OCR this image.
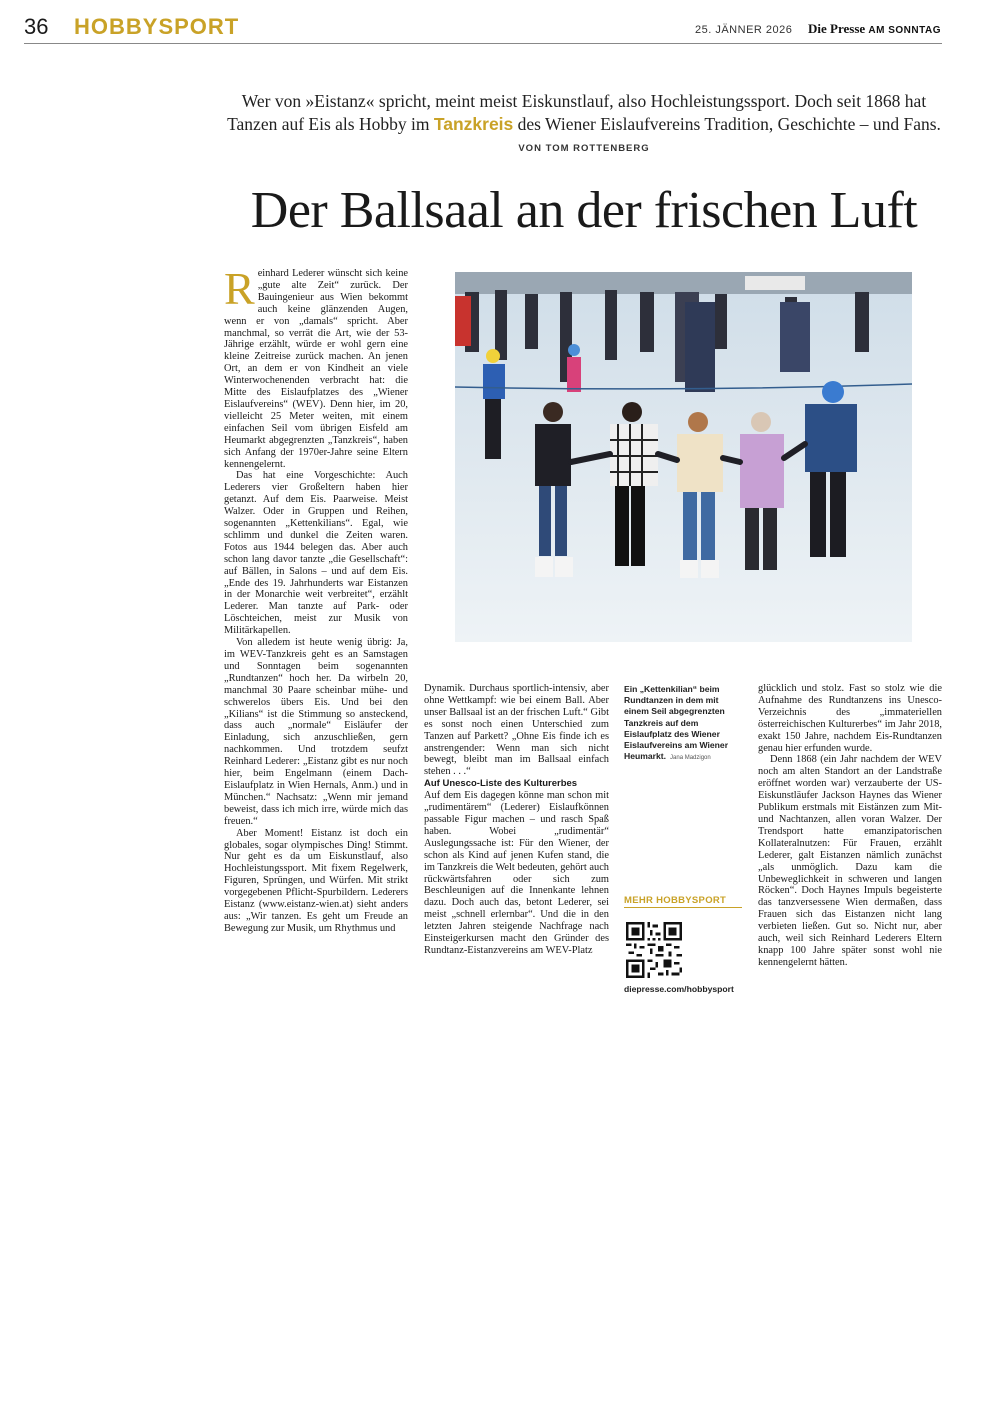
36 HOBBYSPORT	25. JÄNNER 2026 Die Presse AM SONNTAG
Wer von »Eistanz« spricht, meint meist Eiskunstlauf, also Hochleistungssport. Doch seit 1868 hat Tanzen auf Eis als Hobby im Tanzkreis des Wiener Eislaufvereins Tradition, Geschichte – und Fans.
VON TOM ROTTENBERG
Der Ballsaal an der frischen Luft
R einhard Lederer wünscht sich keine „gute alte Zeit“ zurück. Der Bauingenieur aus Wien bekommt auch keine glänzenden Augen, wenn er von „damals“ spricht. Aber manchmal, so verrät die Art, wie der 53-Jährige erzählt, würde er wohl gern eine kleine Zeitreise zurück machen. An jenen Ort, an dem er von Kindheit an viele Winterwochenenden verbracht hat: die Mitte des Eislaufplatzes des „Wiener Eislaufvereins“ (WEV). Denn hier, im 20, vielleicht 25 Meter weiten, mit einem einfachen Seil vom übrigen Eisfeld am Heumarkt abgegrenzten „Tanzkreis“, haben sich Anfang der 1970er-Jahre seine Eltern kennengelernt.

Das hat eine Vorgeschichte: Auch Lederers vier Großeltern haben hier getanzt. Auf dem Eis. Paarweise. Meist Walzer. Oder in Gruppen und Reihen, sogenannten „Kettenkilians“. Egal, wie schlimm und dunkel die Zeiten waren. Fotos aus 1944 belegen das. Aber auch schon lang davor tanzte „die Gesellschaft“: auf Bällen, in Salons – und auf dem Eis. „Ende des 19. Jahrhunderts war Eistanzen in der Monarchie weit verbreitet“, erzählt Lederer. Man tanzte auf Park- oder Löschteichen, meist zur Musik von Militärkapellen.

Von alledem ist heute wenig übrig: Ja, im WEV-Tanzkreis geht es an Samstagen und Sonntagen beim sogenannten „Rundtanzen“ hoch her. Da wirbeln 20, manchmal 30 Paare scheinbar mühe- und schwerelos übers Eis. Und bei den „Kilians“ ist die Stimmung so ansteckend, dass auch „normale“ Eisläufer der Einladung, sich anzuschließen, gern nachkommen. Und trotzdem seufzt Reinhard Lederer: „Eistanz gibt es nur noch hier, beim Engelmann (einem Dach-Eislaufplatz in Wien Hernals, Anm.) und in München.“ Nachsatz: „Wenn mir jemand beweist, dass ich mich irre, würde mich das freuen.“

Aber Moment! Eistanz ist doch ein globales, sogar olympisches Ding! Stimmt. Nur geht es da um Eiskunstlauf, also Hochleistungssport. Mit fixem Regelwerk, Figuren, Sprüngen, und Würfen. Mit strikt vorgegebenen Pflicht-Spurbildern. Lederers Eistanz (www.eistanz-wien.at) sieht anders aus: „Wir tanzen. Es geht um Freude an Bewegung zur Musik, um Rhythmus und

Dynamik. Durchaus sportlich-intensiv, aber ohne Wettkampf: wie bei einem Ball. Aber unser Ballsaal ist an der frischen Luft.“ Gibt es sonst noch einen Unterschied zum Tanzen auf Parkett? „Ohne Eis finde ich es anstrengender: Wenn man sich nicht bewegt, bleibt man im Ballsaal einfach stehen . . .“

Auf Unesco-Liste des Kulturerbes

Auf dem Eis dagegen könne man schon mit „rudimentärem“ (Lederer) Eislaufkönnen passable Figur machen – und rasch Spaß haben. Wobei „rudimentär“ Auslegungssache ist: Für den Wiener, der schon als Kind auf jenen Kufen stand, die im Tanzkreis die Welt bedeuten, gehört auch rückwärtsfahren oder sich zum Beschleunigen auf die Innenkante lehnen dazu. Doch auch das, betont Lederer, sei meist „schnell erlernbar“. Und die in den letzten Jahren steigende Nachfrage nach Einsteigerkursen macht den Gründer des Rundtanz-Eistanzvereins am WEV-Platz

Ein „Kettenkilian“ beim Rundtanzen in dem mit einem Seil abgegrenzten Tanzkreis auf dem Eislaufplatz des Wiener Eislaufvereins am Wiener Heumarkt. Jana Madzigon
MEHR HOBBYSPORT
diepresse.com/hobbysport

glücklich und stolz. Fast so stolz wie die Aufnahme des Rundtanzens ins Unesco-Verzeichnis des „immateriellen österreichischen Kulturerbes“ im Jahr 2018, exakt 150 Jahre, nachdem Eis-Rundtanzen genau hier erfunden wurde.

Denn 1868 (ein Jahr nachdem der WEV noch am alten Standort an der Landstraße eröffnet worden war) verzauberte der US-Eiskunstläufer Jackson Haynes das Wiener Publikum erstmals mit Eistänzen zum Mit- und Nachtanzen, allen voran Walzer. Der Trendsport hatte emanzipatorischen Kollateralnutzen: Für Frauen, erzählt Lederer, galt Eistanzen nämlich zunächst „als unmöglich. Dazu kam die Unbeweglichkeit in schweren und langen Röcken“. Doch Haynes Impuls begeisterte das tanzversessene Wien dermaßen, dass Frauen sich das Eistanzen nicht lang verbieten ließen. Gut so. Nicht nur, aber auch, weil sich Reinhard Lederers Eltern knapp 100 Jahre später sonst wohl nie kennengelernt hätten.
